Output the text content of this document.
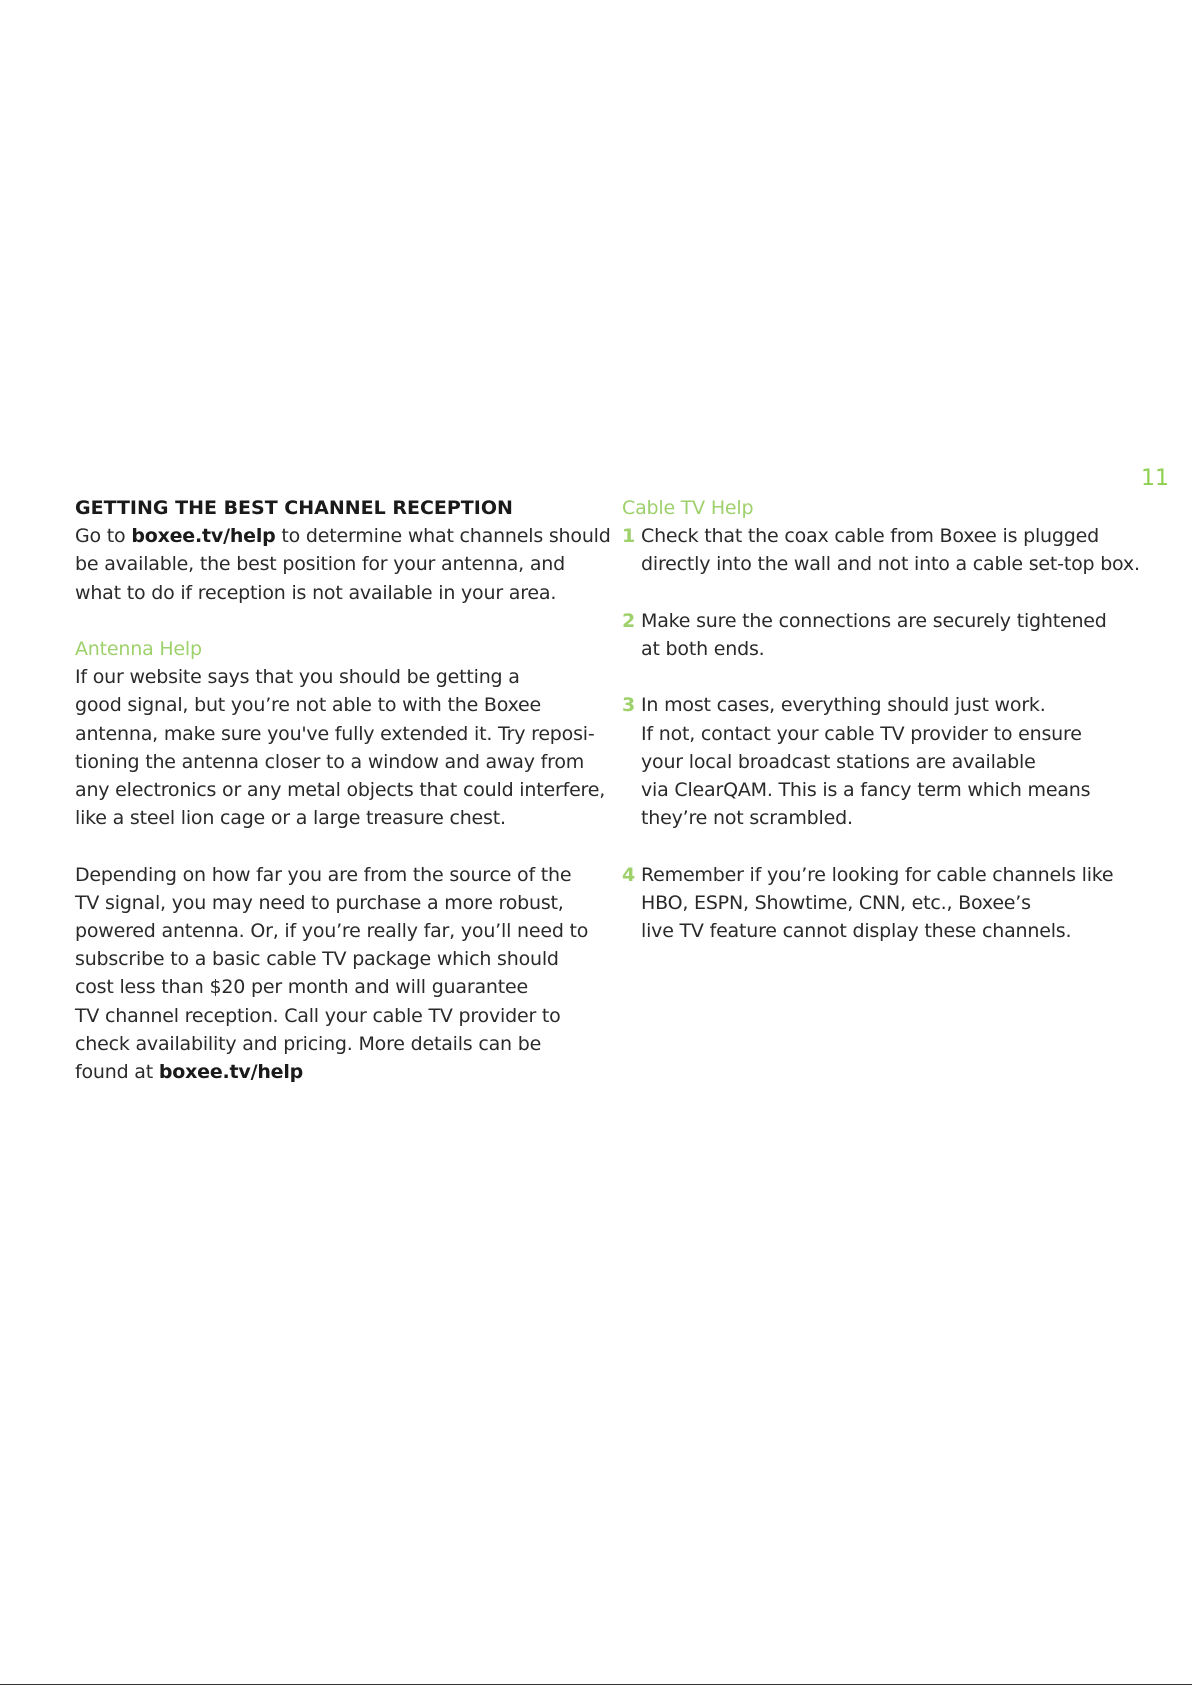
11
GETTING THE BEST CHANNEL RECEPTION
Go to boxee.tv/help to determine what channels should
be available, the best position for your antenna, and
what to do if reception is not available in your area.
Antenna Help
If our website says that you should be getting a
good signal, but you’re not able to with the Boxee
antenna, make sure you've fully extended it. Try reposi-
tioning the antenna closer to a window and away from
any electronics or any metal objects that could interfere,
like a steel lion cage or a large treasure chest.
Depending on how far you are from the source of the
TV signal, you may need to purchase a more robust,
powered antenna. Or, if you’re really far, you’ll need to
subscribe to a basic cable TV package which should
cost less than $20 per month and will guarantee
TV channel reception. Call your cable TV provider to
check availability and pricing. More details can be
found at boxee.tv/help
Cable TV Help
1 Check that the coax cable from Boxee is plugged
directly into the wall and not into a cable set-top box.
2 Make sure the connections are securely tightened
at both ends.
3 In most cases, everything should just work.
If not, contact your cable TV provider to ensure
your local broadcast stations are available
via ClearQAM. This is a fancy term which means
they’re not scrambled.
4 Remember if you’re looking for cable channels like
HBO, ESPN, Showtime, CNN, etc., Boxee’s
live TV feature cannot display these channels.
